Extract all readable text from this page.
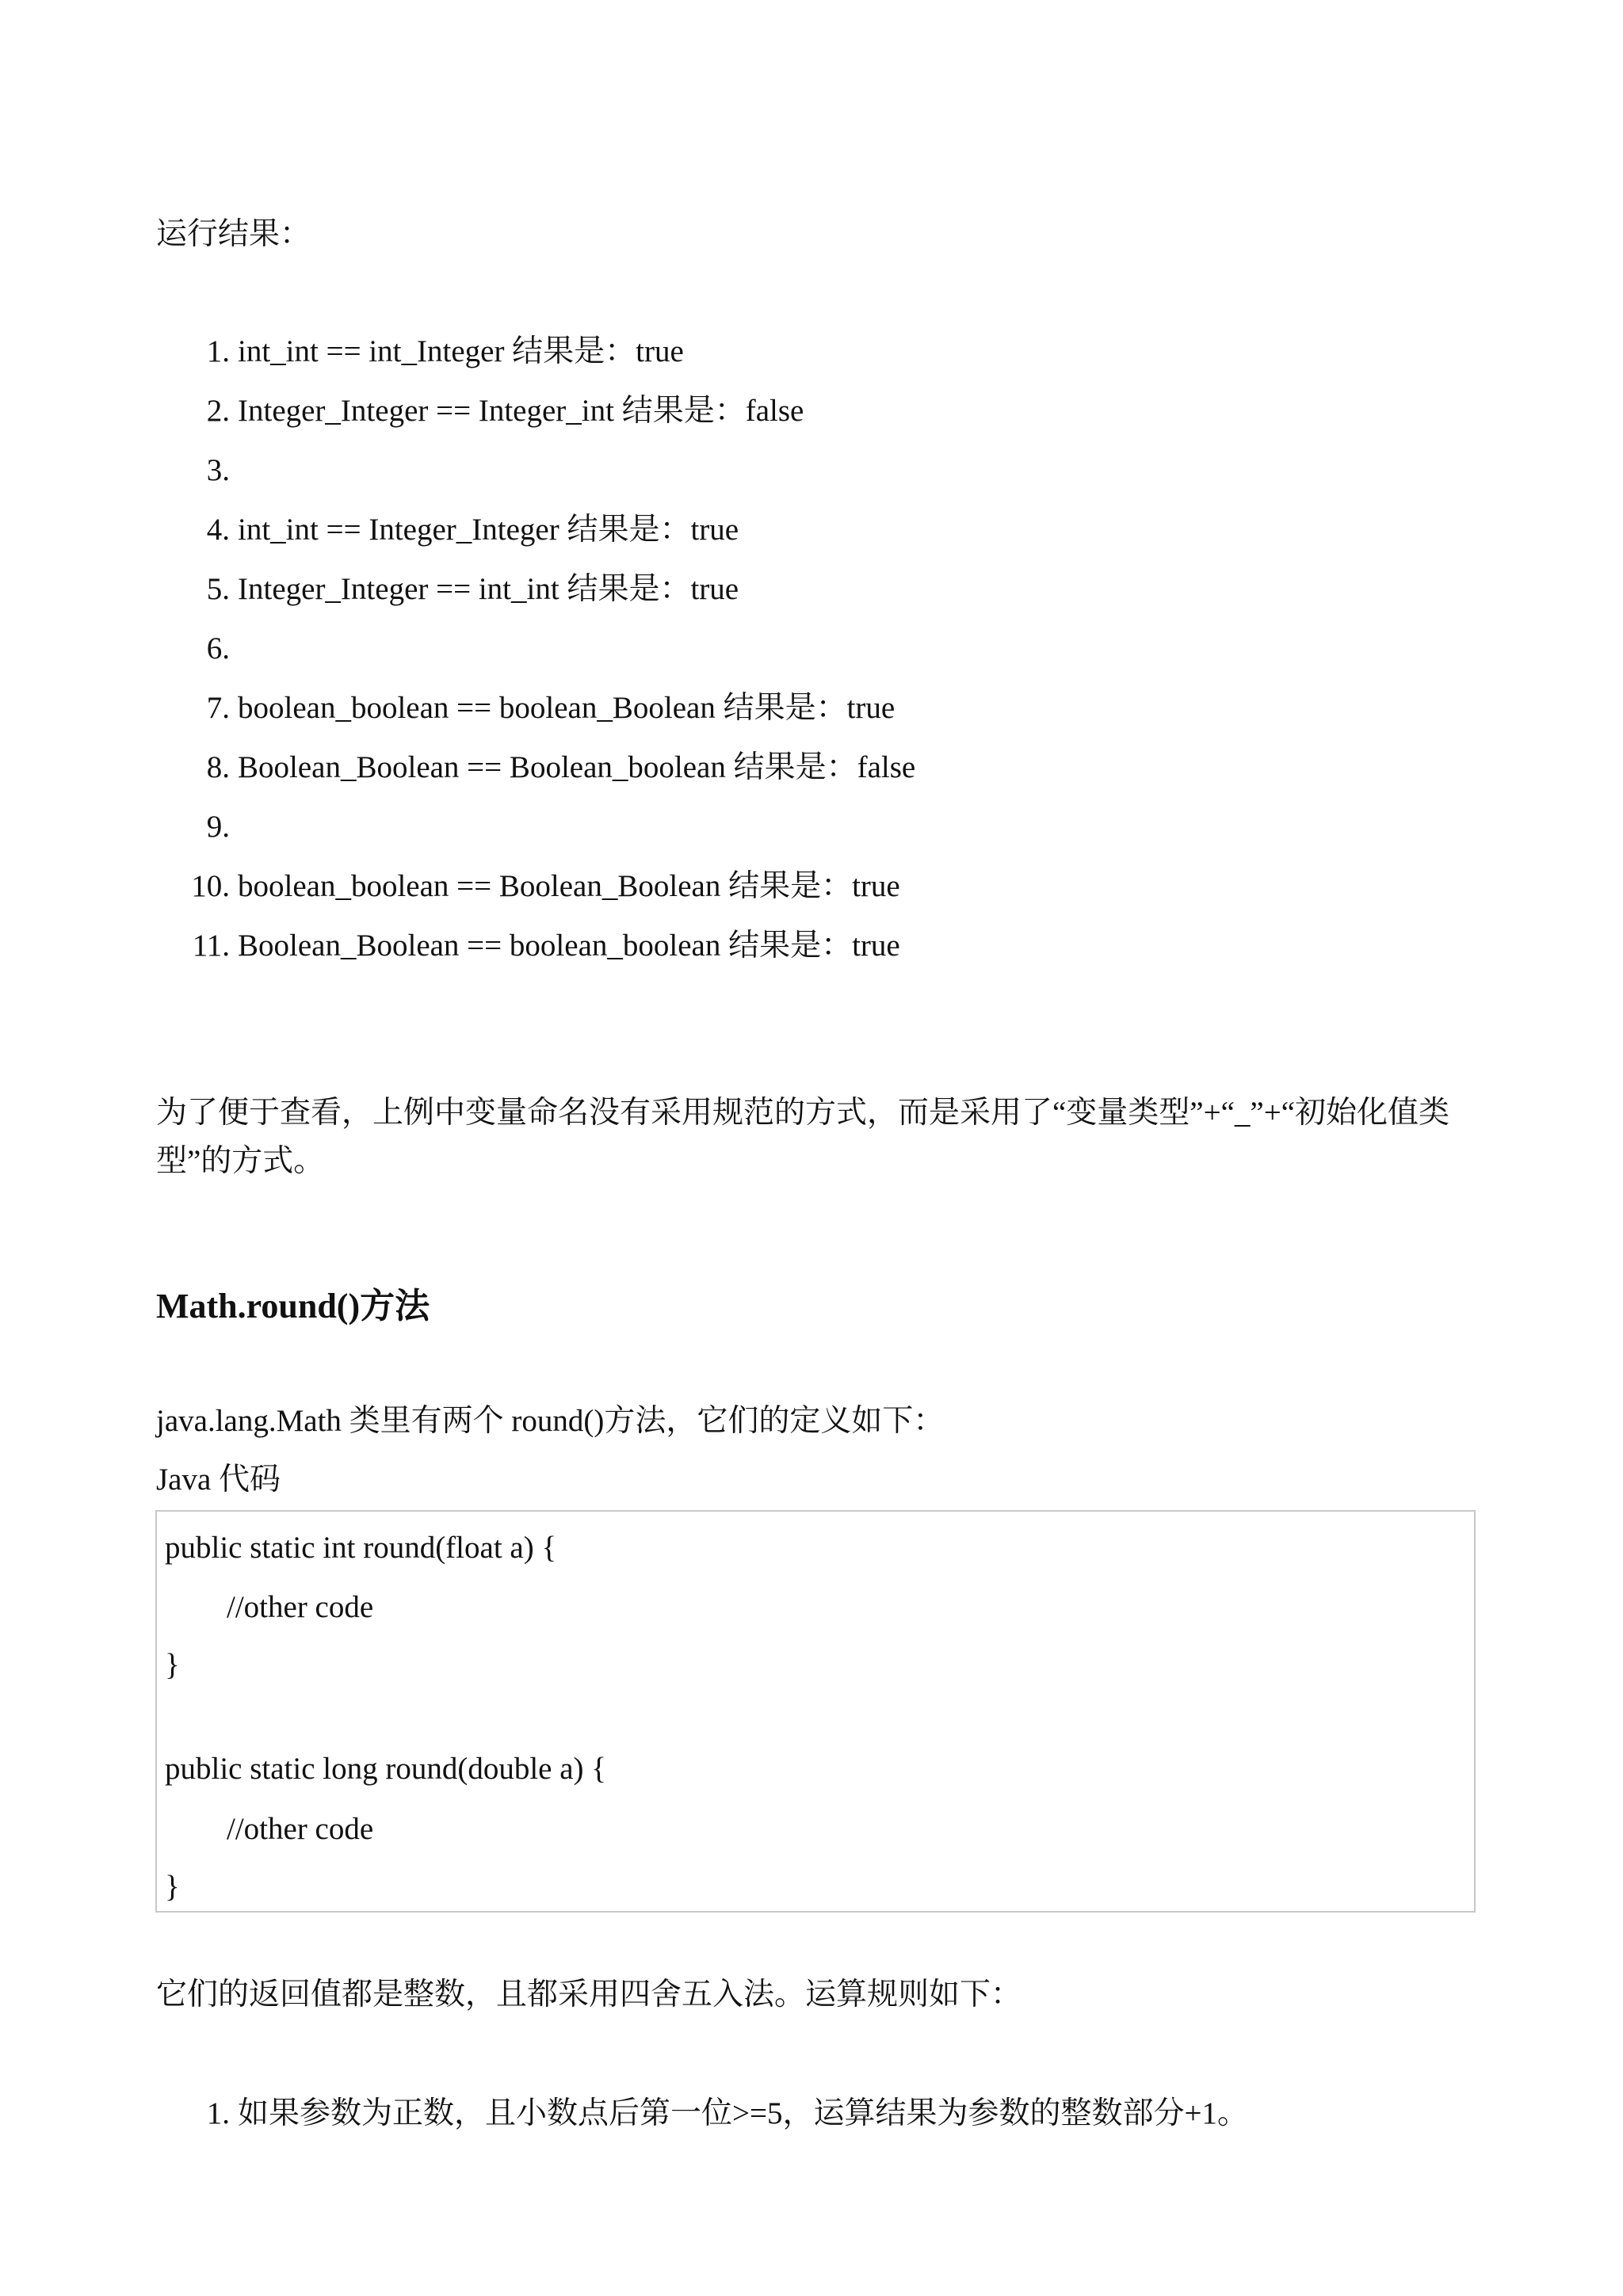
运行结果：
1. int_int == int_Integer 结果是：true
2. Integer_Integer == Integer_int 结果是：false
3.
4. int_int == Integer_Integer 结果是：true
5. Integer_Integer == int_int 结果是：true
6.
7. boolean_boolean == boolean_Boolean 结果是：true
8. Boolean_Boolean == Boolean_boolean 结果是：false
9.
10. boolean_boolean == Boolean_Boolean 结果是：true
11. Boolean_Boolean == boolean_boolean 结果是：true
为了便于查看，上例中变量命名没有采用规范的方式，而是采用了“变量类型”+“_”+“初始化值类型”的方式。
Math.round()方法
java.lang.Math 类里有两个 round()方法，它们的定义如下：
Java 代码
public static int round(float a) {
//other code
}
public static long round(double a) {
//other code
}
它们的返回值都是整数，且都采用四舍五入法。运算规则如下：
1. 如果参数为正数，且小数点后第一位>=5，运算结果为参数的整数部分+1。
